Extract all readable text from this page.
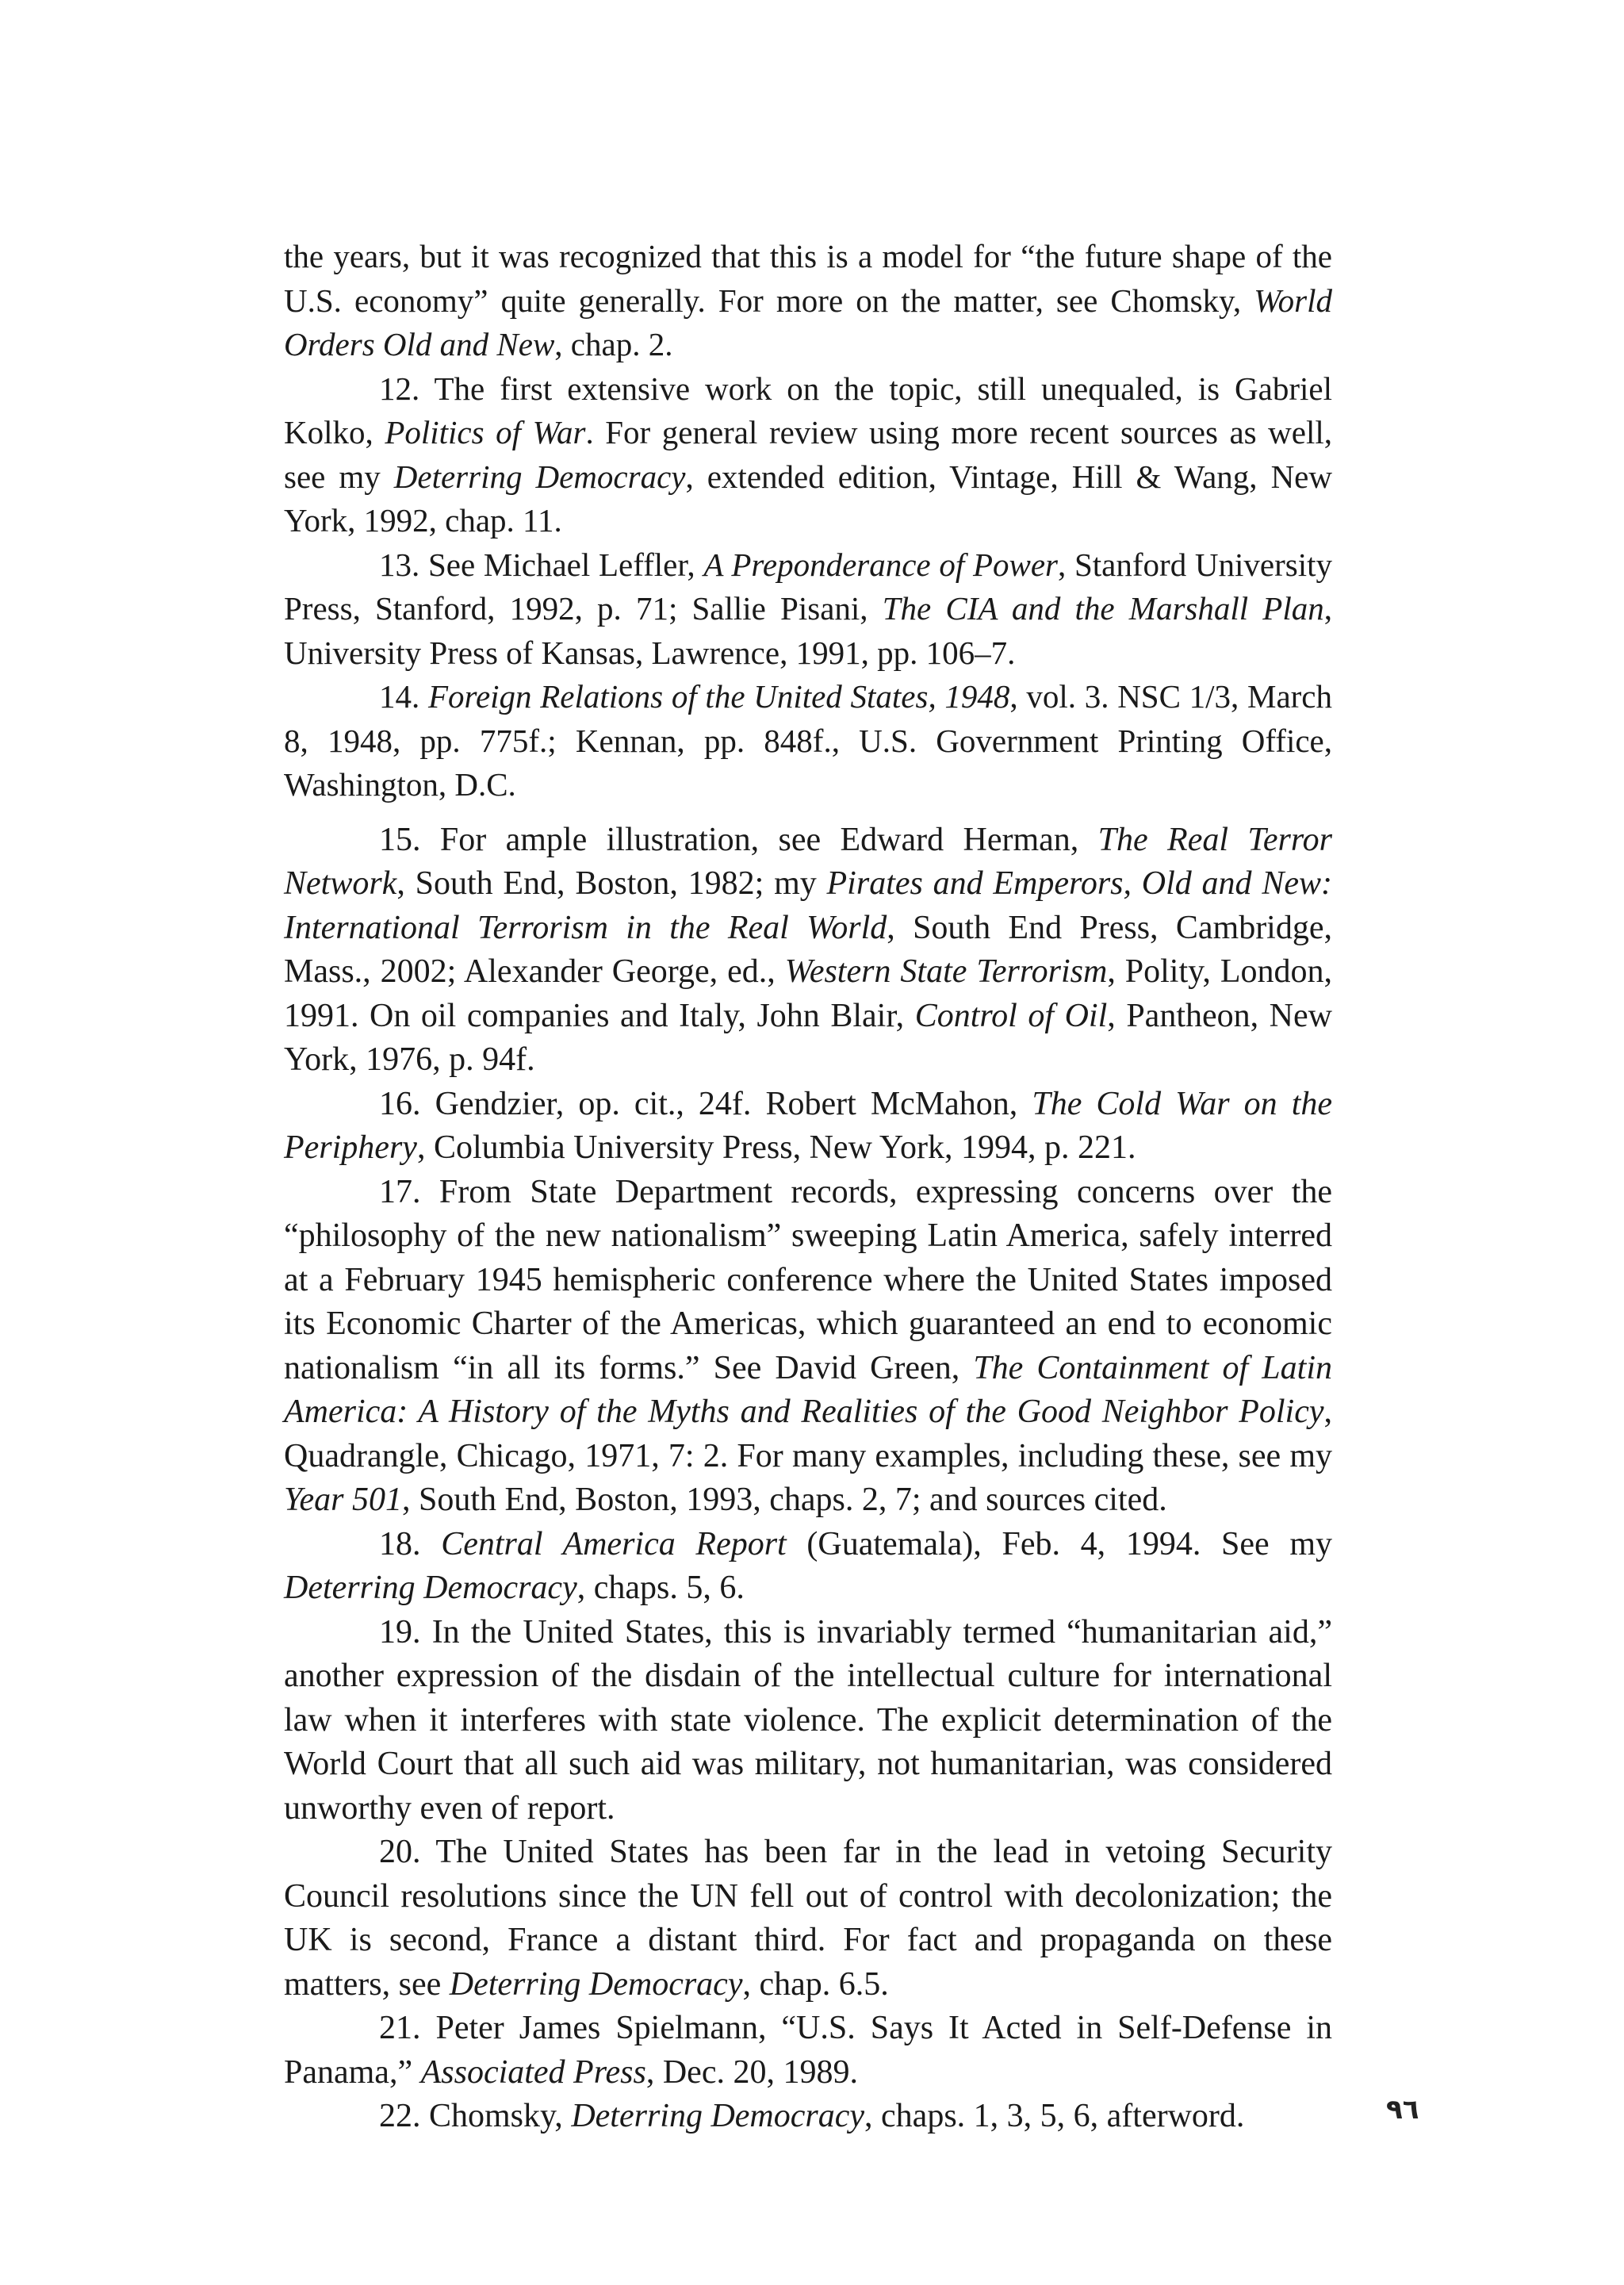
the years, but it was recognized that this is a model for “the future shape of the U.S. economy” quite generally. For more on the matter, see Chomsky, World Orders Old and New, chap. 2.

12. The first extensive work on the topic, still unequaled, is Gabriel Kolko, Politics of War. For general review using more recent sources as well, see my Deterring Democracy, extended edition, Vintage, Hill & Wang, New York, 1992, chap. 11.

13. See Michael Leffler, A Preponderance of Power, Stanford University Press, Stanford, 1992, p. 71; Sallie Pisani, The CIA and the Marshall Plan, University Press of Kansas, Lawrence, 1991, pp. 106–7.

14. Foreign Relations of the United States, 1948, vol. 3. NSC 1/3, March 8, 1948, pp. 775f.; Kennan, pp. 848f., U.S. Government Printing Office, Washington, D.C.

15. For ample illustration, see Edward Herman, The Real Terror Network, South End, Boston, 1982; my Pirates and Emperors, Old and New: International Terrorism in the Real World, South End Press, Cambridge, Mass., 2002; Alexander George, ed., Western State Terrorism, Polity, London, 1991. On oil companies and Italy, John Blair, Control of Oil, Pantheon, New York, 1976, p. 94f.

16. Gendzier, op. cit., 24f. Robert McMahon, The Cold War on the Periphery, Columbia University Press, New York, 1994, p. 221.

17. From State Department records, expressing concerns over the “philosophy of the new nationalism” sweeping Latin America, safely interred at a February 1945 hemispheric conference where the United States imposed its Economic Charter of the Americas, which guaranteed an end to economic nationalism “in all its forms.” See David Green, The Containment of Latin America: A History of the Myths and Realities of the Good Neighbor Policy, Quadrangle, Chicago, 1971, 7: 2. For many examples, including these, see my Year 501, South End, Boston, 1993, chaps. 2, 7; and sources cited.

18. Central America Report (Guatemala), Feb. 4, 1994. See my Deterring Democracy, chaps. 5, 6.

19. In the United States, this is invariably termed “humanitarian aid,” another expression of the disdain of the intellectual culture for international law when it interferes with state violence. The explicit determination of the World Court that all such aid was military, not humanitarian, was considered unworthy even of report.

20. The United States has been far in the lead in vetoing Security Council resolutions since the UN fell out of control with decolonization; the UK is second, France a distant third. For fact and propaganda on these matters, see Deterring Democracy, chap. 6.5.

21. Peter James Spielmann, “U.S. Says It Acted in Self-Defense in Panama,” Associated Press, Dec. 20, 1989.

22. Chomsky, Deterring Democracy, chaps. 1, 3, 5, 6, afterword.	٩٦
